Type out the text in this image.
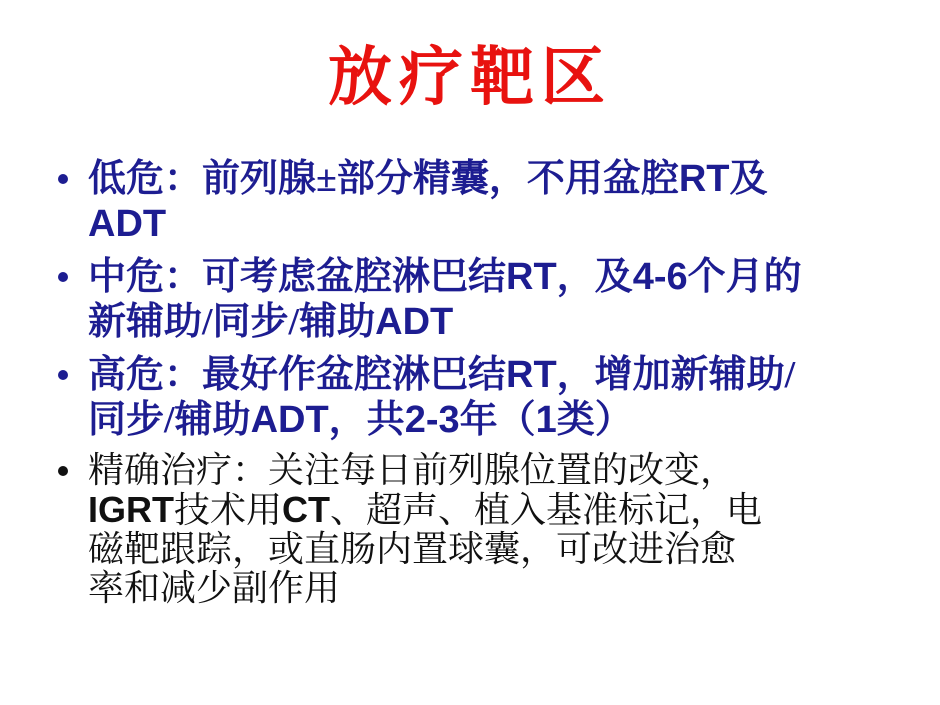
放疗靶区
低危：前列腺±部分精囊，不用盆腔RT及
ADT
中危：可考虑盆腔淋巴结RT，及4-6个月的
新辅助/同步/辅助ADT
高危：最好作盆腔淋巴结RT，增加新辅助/
同步/辅助ADT，共2-3年（1类）
精确治疗：关注每日前列腺位置的改变，
IGRT技术用CT、超声、植入基准标记，电
磁靶跟踪，或直肠内置球囊，可改进治愈
率和减少副作用
